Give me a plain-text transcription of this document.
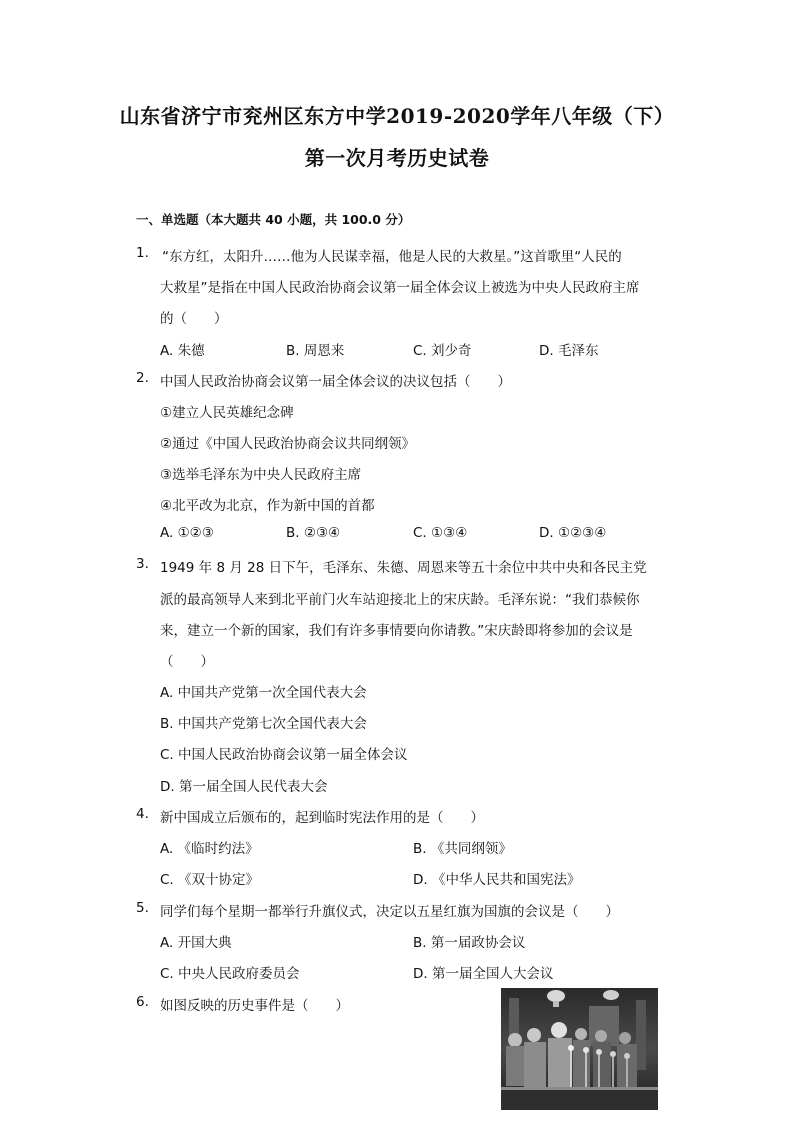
山东省济宁市兖州区东方中学2019-2020学年八年级（下）
第一次月考历史试卷
一、单选题（本大题共 40 小题，共 100.0 分）
1. “东方红，太阳升……他为人民谋幸福，他是人民的大救星。”这首歌里“人民的
大救星”是指在中国人民政治协商会议第一届全体会议上被选为中央人民政府主席
的（　　）
A. 朱德	B. 周恩来	C. 刘少奇	D. 毛泽东
2. 中国人民政治协商会议第一届全体会议的决议包括（　　）
①建立人民英雄纪念碑
②通过《中国人民政治协商会议共同纲领》
③选举毛泽东为中央人民政府主席
④北平改为北京，作为新中国的首都
A. ①②③	B. ②③④	C. ①③④	D. ①②③④
3. 1949 年 8 月 28 日下午，毛泽东、朱德、周恩来等五十余位中共中央和各民主党
派的最高领导人来到北平前门火车站迎接北上的宋庆龄。毛泽东说：“我们恭候你
来，建立一个新的国家，我们有许多事情要向你请教。”宋庆龄即将参加的会议是
（　　）
A. 中国共产党第一次全国代表大会
B. 中国共产党第七次全国代表大会
C. 中国人民政治协商会议第一届全体会议
D. 第一届全国人民代表大会
4. 新中国成立后颁布的，起到临时宪法作用的是（　　）
A. 《临时约法》	B. 《共同纲领》
C. 《双十协定》	D. 《中华人民共和国宪法》
5. 同学们每个星期一都举行升旗仪式，决定以五星红旗为国旗的会议是（　　）
A. 开国大典	B. 第一届政协会议
C. 中央人民政府委员会	D. 第一届全国人大会议
6. 如图反映的历史事件是（　　）
